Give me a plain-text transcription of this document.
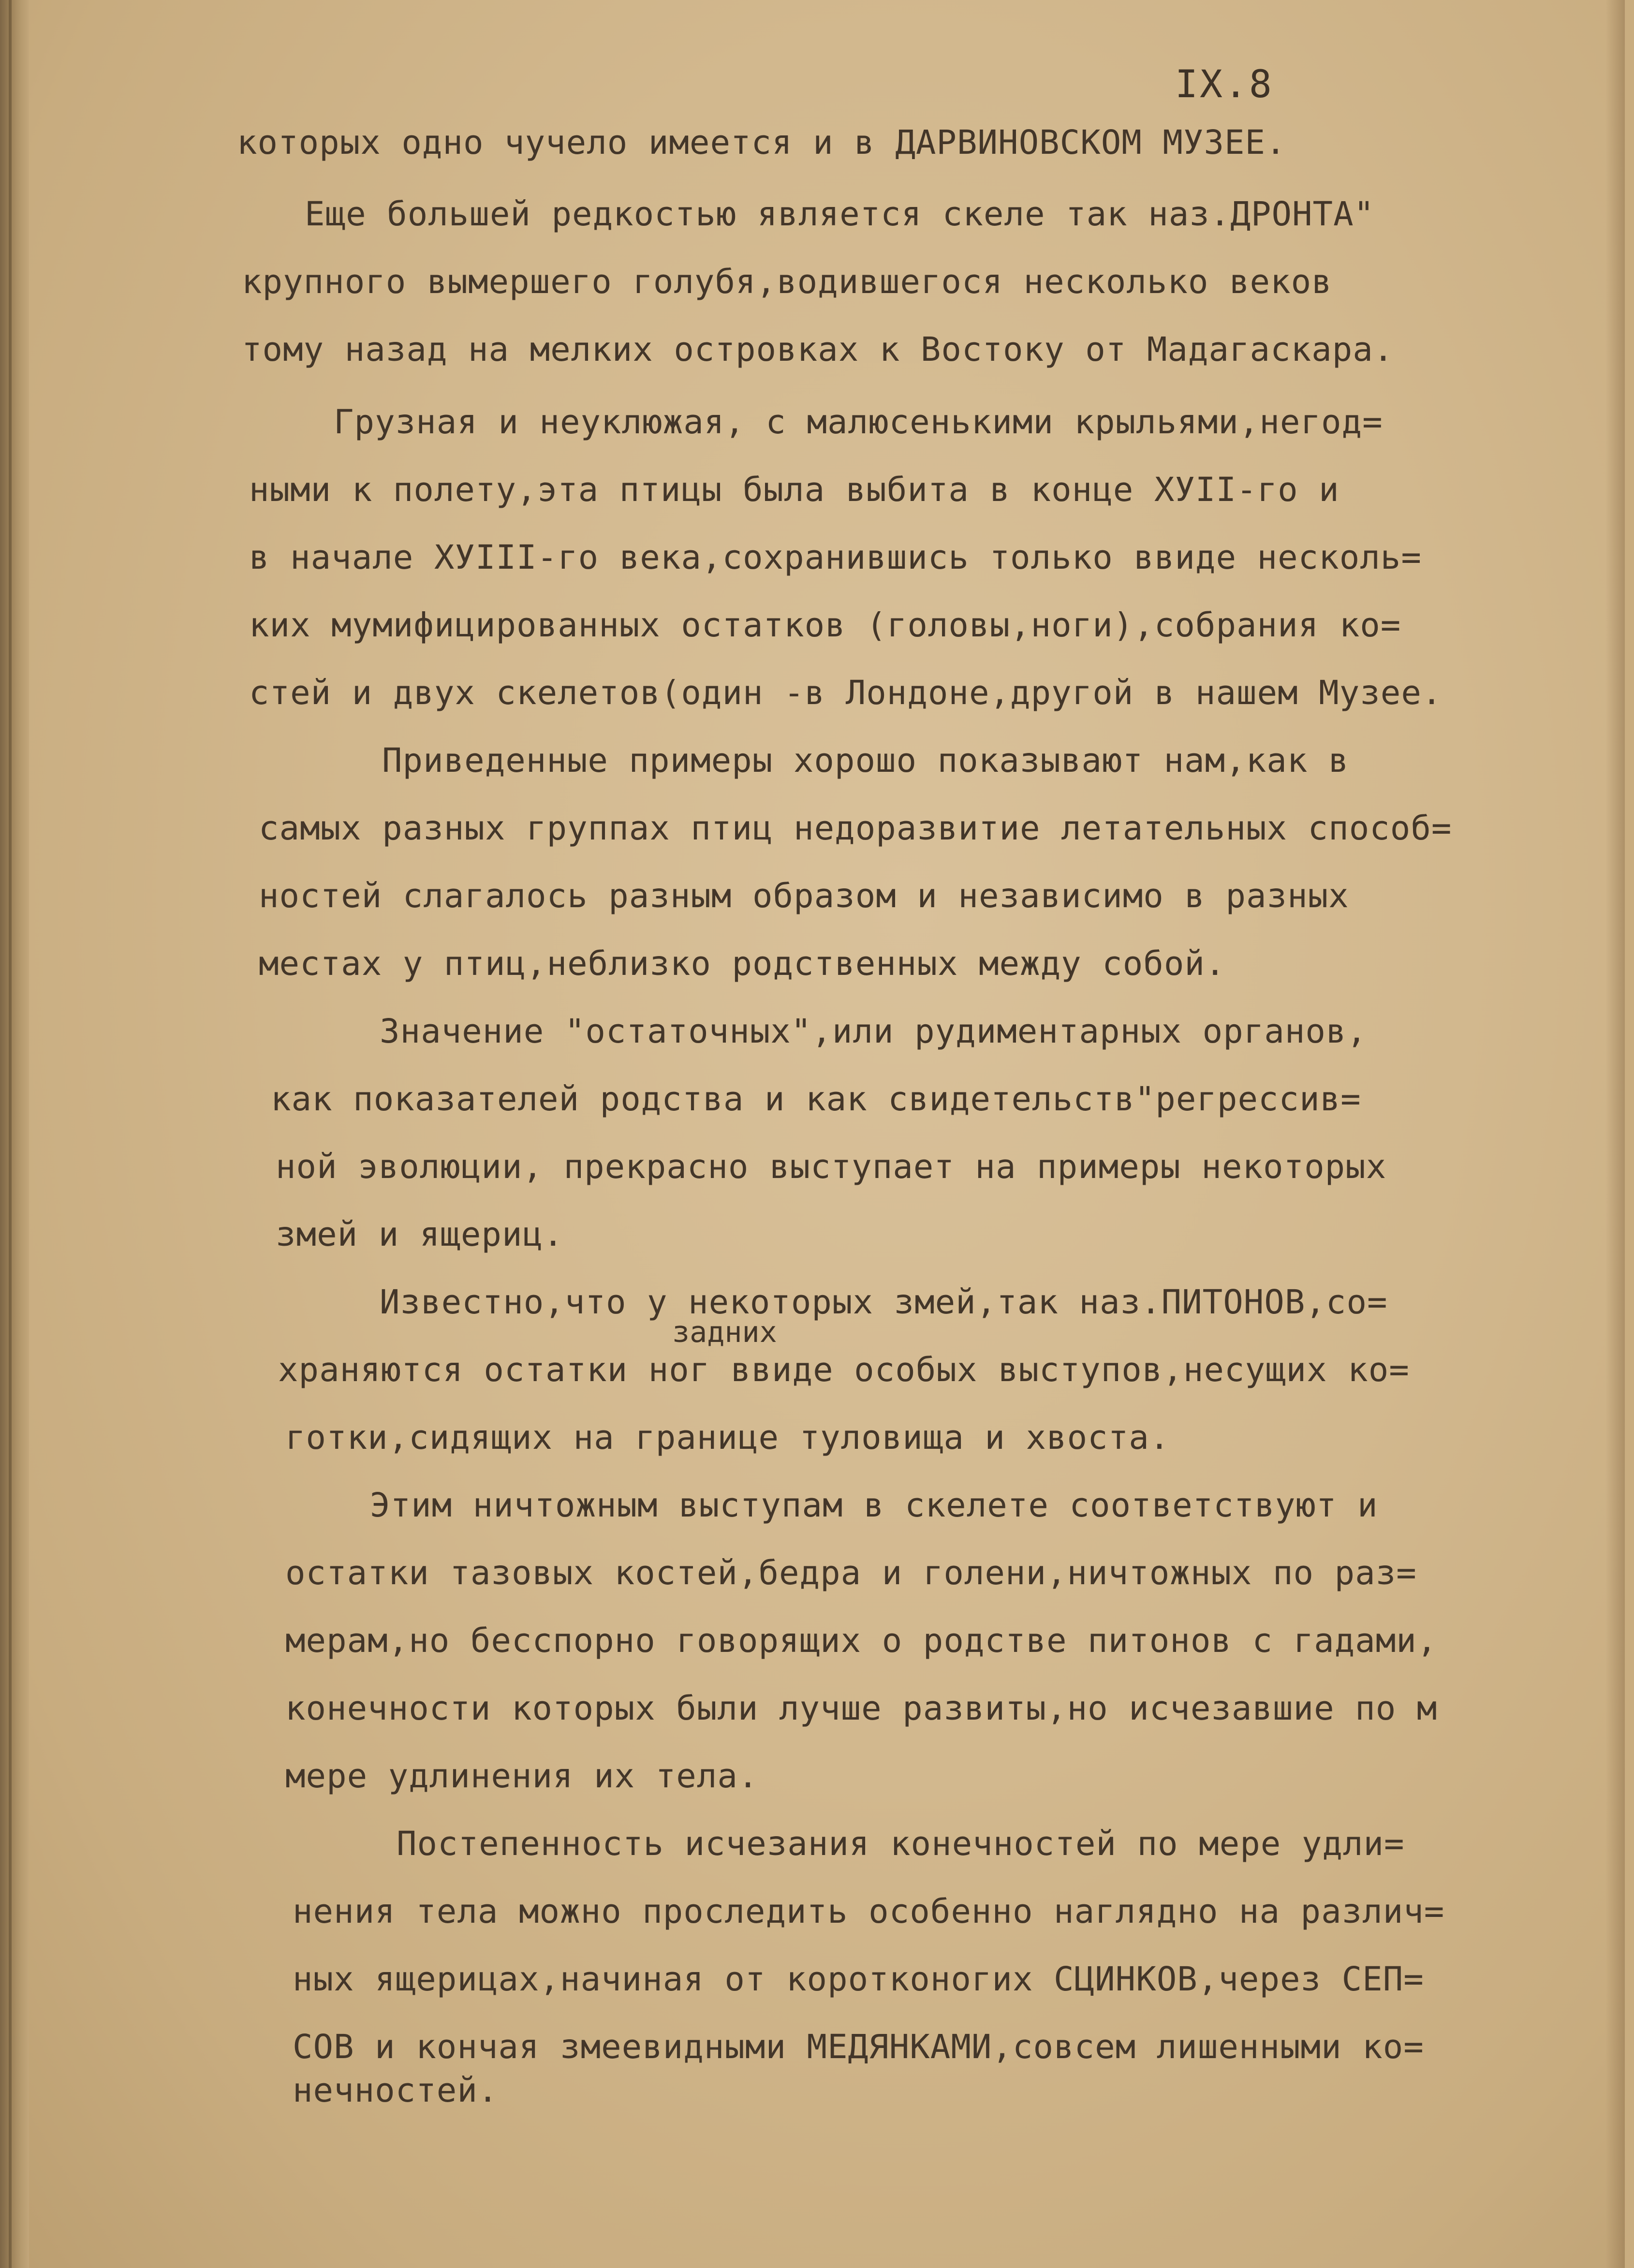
IX.8
которых одно чучело имеется и в ДАРВИНОВСКОМ МУЗЕЕ.
Еще большей редкостью является скеле так наз.ДРОНТА"
крупного вымершего голубя,водившегося несколько веков
тому назад на мелких островках к Востоку от Мадагаскара.
Грузная и неуклюжая, с малюсенькими крыльями,негод=
ными к полету,эта птицы была выбита в конце XУII-го и
в начале XУIII-го века,сохранившись только ввиде несколь=
ких мумифицированных остатков (головы,ноги),собрания ко=
стей и двух скелетов(один -в Лондоне,другой в нашем Музее.
Приведенные примеры хорошо показывают нам,как в
самых разных группах птиц недоразвитие летательных способ=
ностей слагалось разным образом и независимо в разных
местах у птиц,неблизко родственных между собой.
Значение "остаточных",или рудиментарных органов,
как показателей родства и как свидетельств"регрессив=
ной эволюции, прекрасно выступает на примеры некоторых
змей и ящериц.
Известно,что у некоторых змей,так наз.ПИТОНОВ,со=
задних
храняются остатки ног ввиде особых выступов,несущих ко=
готки,сидящих на границе туловища и хвоста.
Этим ничтожным выступам в скелете соответствуют и
остатки тазовых костей,бедра и голени,ничтожных по раз=
мерам,но бесспорно говорящих о родстве питонов с гадами,
конечности которых были лучше развиты,но исчезавшие по м
мере удлинения их тела.
Постепенность исчезания конечностей по мере удли=
нения тела можно проследить особенно наглядно на различ=
ных ящерицах,начиная от коротконогих СЦИНКОВ,через СЕП=
СОВ и кончая змеевидными МЕДЯНКАМИ,совсем лишенными ко=
нечностей.
